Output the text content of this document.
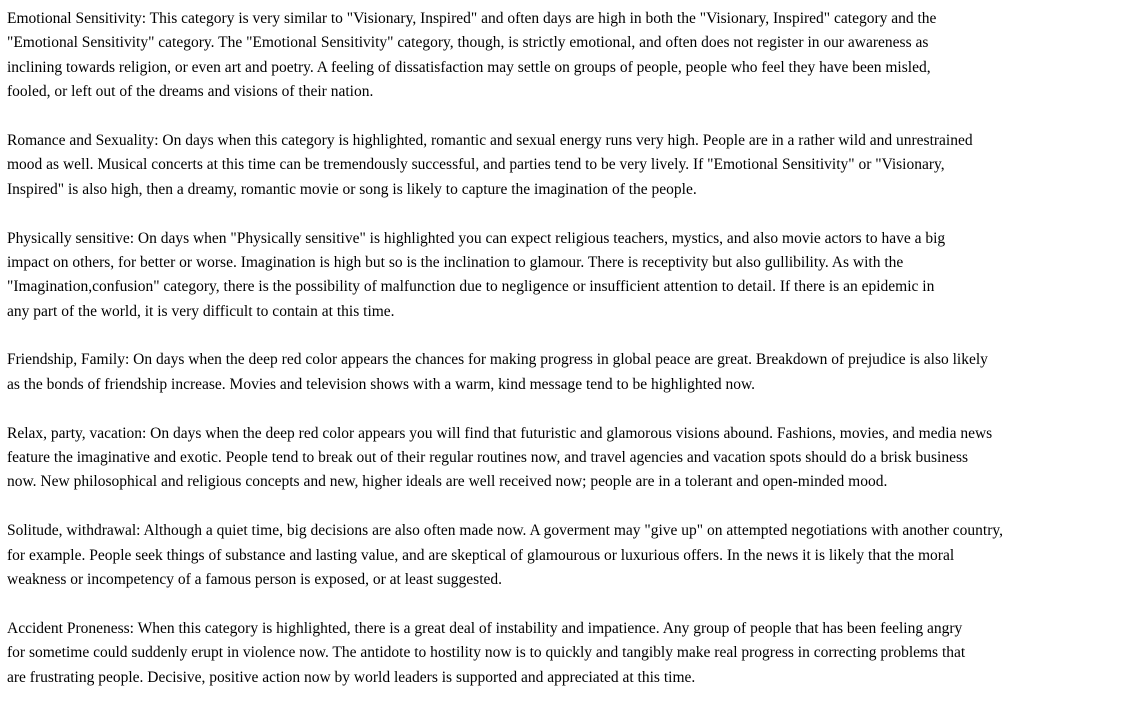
Emotional Sensitivity: This category is very similar to "Visionary, Inspired" and often days are high in both the "Visionary, Inspired" category and the
"Emotional Sensitivity" category. The "Emotional Sensitivity" category, though, is strictly emotional, and often does not register in our awareness as
inclining towards religion, or even art and poetry. A feeling of dissatisfaction may settle on groups of people, people who feel they have been misled,
fooled, or left out of the dreams and visions of their nation.
Romance and Sexuality: On days when this category is highlighted, romantic and sexual energy runs very high. People are in a rather wild and unrestrained
mood as well. Musical concerts at this time can be tremendously successful, and parties tend to be very lively. If "Emotional Sensitivity" or "Visionary,
Inspired" is also high, then a dreamy, romantic movie or song is likely to capture the imagination of the people.
Physically sensitive: On days when "Physically sensitive" is highlighted you can expect religious teachers, mystics, and also movie actors to have a big
impact on others, for better or worse. Imagination is high but so is the inclination to glamour. There is receptivity but also gullibility. As with the
"Imagination,confusion" category, there is the possibility of malfunction due to negligence or insufficient attention to detail. If there is an epidemic in
any part of the world, it is very difficult to contain at this time.
Friendship, Family: On days when the deep red color appears the chances for making progress in global peace are great. Breakdown of prejudice is also likely
as the bonds of friendship increase. Movies and television shows with a warm, kind message tend to be highlighted now.
Relax, party, vacation: On days when the deep red color appears you will find that futuristic and glamorous visions abound. Fashions, movies, and media news
feature the imaginative and exotic. People tend to break out of their regular routines now, and travel agencies and vacation spots should do a brisk business
now. New philosophical and religious concepts and new, higher ideals are well received now; people are in a tolerant and open-minded mood.
Solitude, withdrawal: Although a quiet time, big decisions are also often made now. A goverment may "give up" on attempted negotiations with another country,
for example. People seek things of substance and lasting value, and are skeptical of glamourous or luxurious offers. In the news it is likely that the moral
weakness or incompetency of a famous person is exposed, or at least suggested.
Accident Proneness: When this category is highlighted, there is a great deal of instability and impatience. Any group of people that has been feeling angry
for sometime could suddenly erupt in violence now. The antidote to hostility now is to quickly and tangibly make real progress in correcting problems that
are frustrating people. Decisive, positive action now by world leaders is supported and appreciated at this time.
